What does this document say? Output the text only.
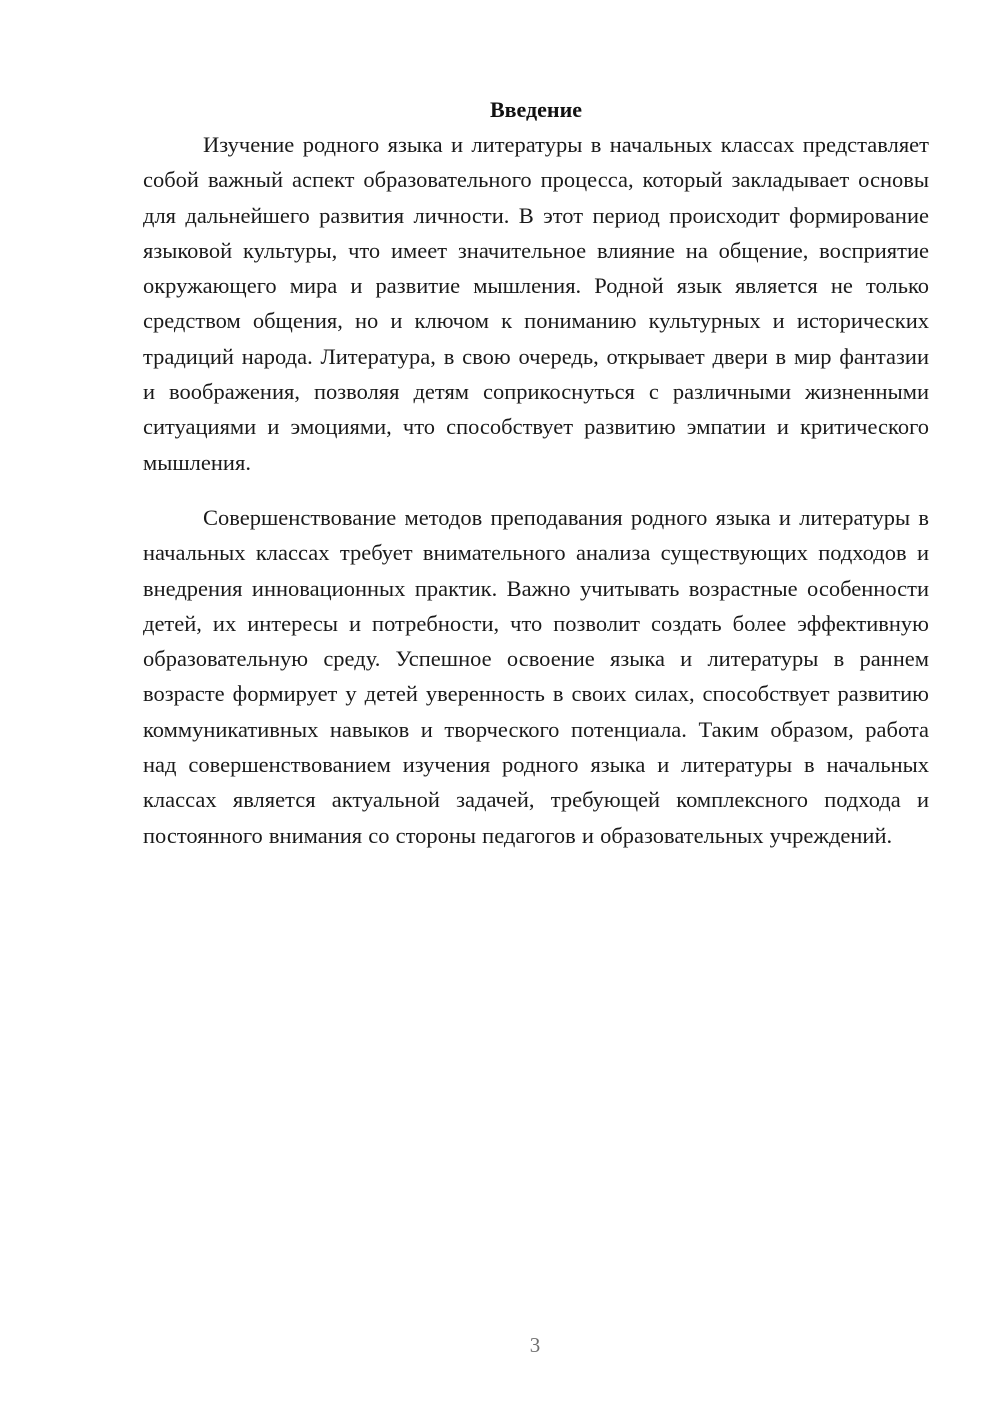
Введение

Изучение родного языка и литературы в начальных классах представляет собой важный аспект образовательного процесса, который закладывает основы для дальнейшего развития личности. В этот период происходит формирование языковой культуры, что имеет значительное влияние на общение, восприятие окружающего мира и развитие мышления. Родной язык является не только средством общения, но и ключом к пониманию культурных и исторических традиций народа. Литература, в свою очередь, открывает двери в мир фантазии и воображения, позволяя детям соприкоснуться с различными жизненными ситуациями и эмоциями, что способствует развитию эмпатии и критического мышления.

Совершенствование методов преподавания родного языка и литературы в начальных классах требует внимательного анализа существующих подходов и внедрения инновационных практик. Важно учитывать возрастные особенности детей, их интересы и потребности, что позволит создать более эффективную образовательную среду. Успешное освоение языка и литературы в раннем возрасте формирует у детей уверенность в своих силах, способствует развитию коммуникативных навыков и творческого потенциала. Таким образом, работа над совершенствованием изучения родного языка и литературы в начальных классах является актуальной задачей, требующей комплексного подхода и постоянного внимания со стороны педагогов и образовательных учреждений.

3
